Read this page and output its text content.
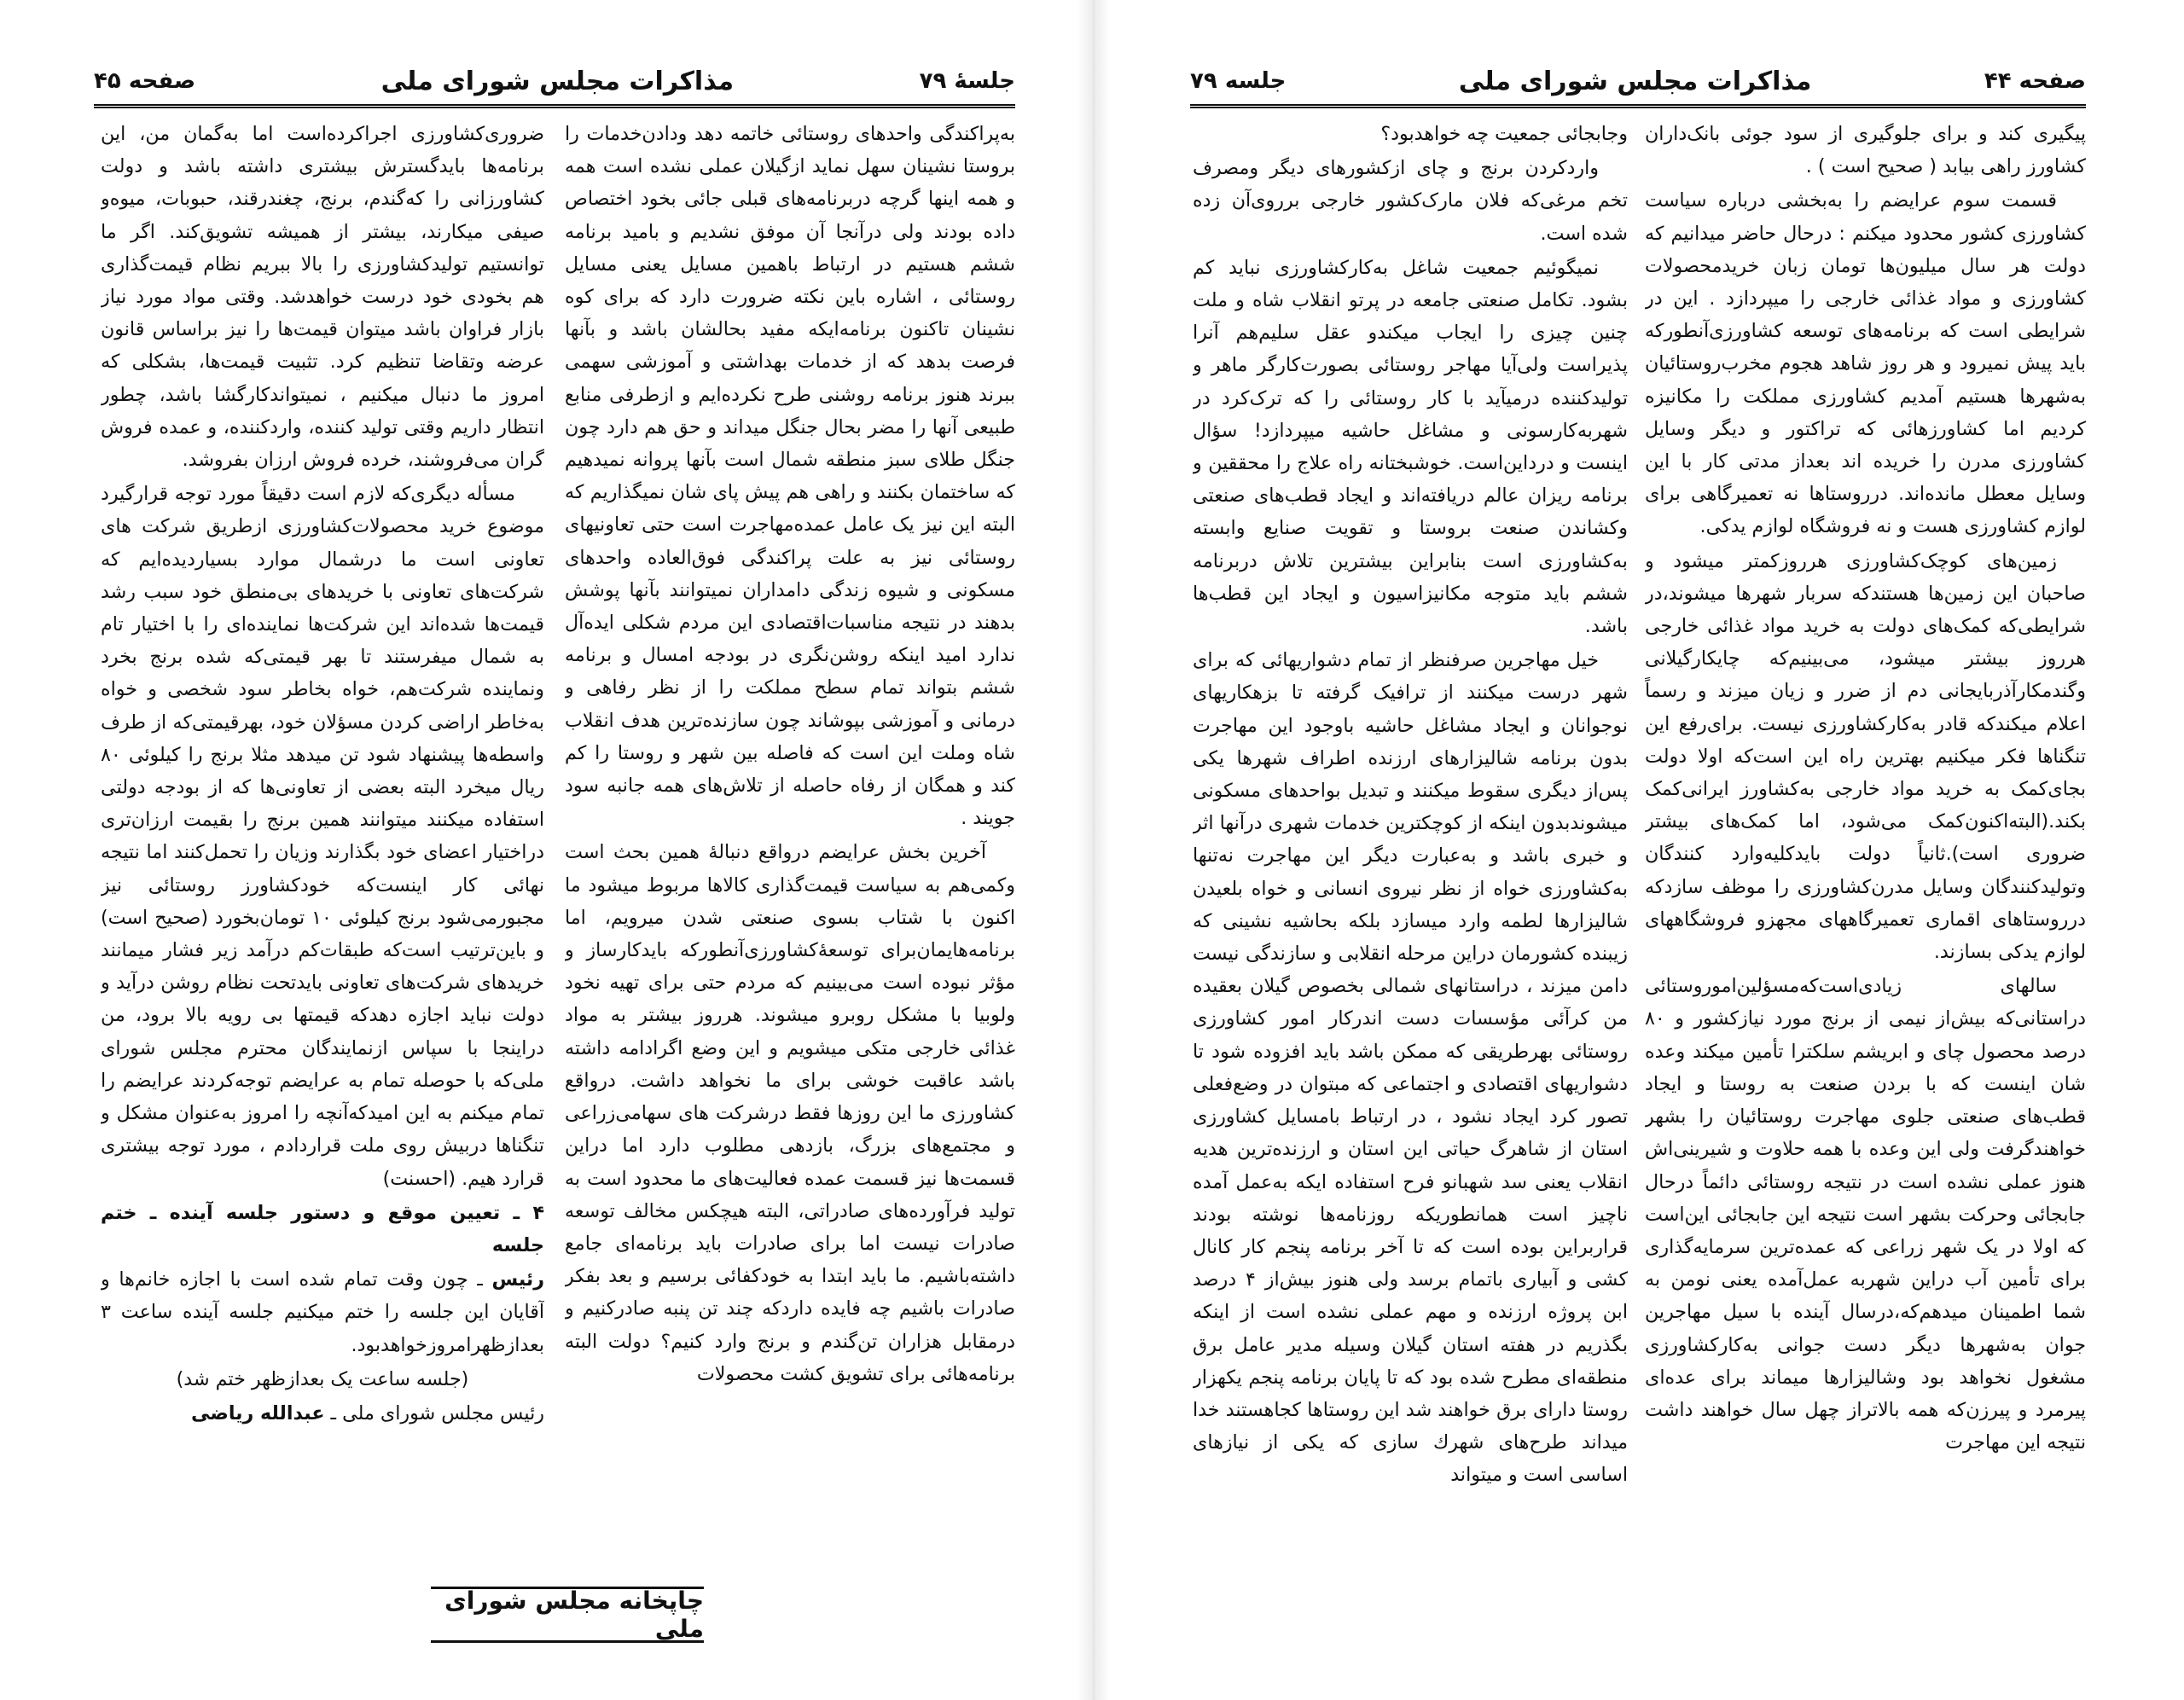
جلسهٔ ۷۹
مذاکرات مجلس شورای ملی
صفحه ۴۵

به‌پراکندگی واحدهای روستائی خاتمه دهد ودادن‌خدمات را بروستا نشینان سهل نماید ازگیلان عملی نشده است همه و همه اینها گرچه دربرنامه‌های قبلی جائی بخود اختصاص داده بودند ولی درآنجا آن موفق نشدیم و بامید برنامه ششم هستیم در ارتباط باهمین مسایل یعنی مسایل روستائی ، اشاره باین نکته ضرورت دارد که برای کوه نشینان تاکنون برنامه‌ایکه مفید بحالشان باشد و بآنها فرصت بدهد که از خدمات بهداشتی و آموزشی سهمی ببرند هنوز برنامه روشنی طرح نکرده‌ایم و ازطرفی منابع طبیعی آنها را مضر بحال جنگل میداند و حق هم دارد چون جنگل طلای سبز منطقه شمال است بآنها پروانه نمیدهیم که ساختمان بکنند و راهی هم پیش پای شان نمیگذاریم که البته این نیز یک عامل عمده‌مهاجرت است حتی تعاونیهای روستائی نیز به علت پراکندگی فوق‌العاده واحدهای مسکونی و شیوه زندگی دامداران نمیتوانند بآنها پوشش بدهند در نتیجه مناسبات‌اقتصادی این مردم شکلی ایده‌آل ندارد امید اینکه روشن‌نگری در بودجه امسال و برنامه ششم بتواند تمام سطح مملکت را از نظر رفاهی و درمانی و آموزشی بپوشاند چون سازنده‌ترین هدف انقلاب شاه وملت این است که فاصله بین شهر و روستا را کم کند و همگان از رفاه حاصله از تلاش‌های همه جانبه سود جویند .

آخرین بخش عرایضم درواقع دنبالهٔ همین بحث است وکمی‌هم به سیاست قیمت‌گذاری کالاها مربوط میشود ما اکنون با شتاب بسوی صنعتی شدن میرویم، اما برنامه‌هایمان‌برای توسعهٔ‌کشاورزی‌آنطورکه بایدکارساز و مؤثر نبوده است می‌بینیم که مردم حتی برای تهیه نخود ولوبیا با مشکل روبرو میشوند. هرروز بیشتر به مواد غذائی خارجی متکی میشویم و این وضع اگرادامه داشته باشد عاقبت خوشی برای ما نخواهد داشت. درواقع کشاورزی ما این روزها فقط درشرکت های سهامی‌زراعی و مجتمع‌های بزرگ، بازدهی مطلوب دارد اما دراین قسمت‌ها نیز قسمت عمده فعالیت‌های ما محدود است به تولید فرآورده‌های صادراتی، البته هیچکس مخالف توسعه صادرات نیست اما برای صادرات باید برنامه‌ای جامع داشته‌باشیم. ما باید ابتدا به خودکفائی برسیم و بعد بفکر صادرات باشیم چه فایده داردکه چند تن پنبه صادرکنیم و درمقابل هزاران تن‌گندم و برنج وارد کنیم؟ دولت البته برنامه‌هائی برای تشویق کشت محصولات

ضروری‌کشاورزی اجراکرده‌است اما به‌گمان من، این برنامه‌ها بایدگسترش بیشتری داشته باشد و دولت کشاورزانی را که‌گندم، برنج، چغندرقند، حبوبات، میوه‌و صیفی میکارند، بیشتر از همیشه تشویق‌کند. اگر ما توانستیم تولیدکشاورزی را بالا ببریم نظام قیمت‌گذاری هم بخودی خود درست خواهدشد. وقتی مواد مورد نیاز بازار فراوان باشد میتوان قیمت‌ها را نیز براساس قانون عرضه وتقاضا تنظیم کرد. تثبیت قیمت‌ها، بشکلی که امروز ما دنبال میکنیم ، نمیتواندکارگشا باشد، چطور انتظار داریم وقتی تولید کننده، واردکننده، و عمده فروش گران می‌فروشند، خرده فروش ارزان بفروشد.

مسأله دیگری‌که لازم است دقیقاً مورد توجه قرارگیرد موضوع خرید محصولات‌کشاورزی ازطریق شرکت های تعاونی است ما درشمال موارد بسیاردیده‌ایم که شرکت‌های تعاونی با خریدهای بی‌منطق خود سبب رشد قیمت‌ها شده‌اند این شرکت‌ها نماینده‌ای را با اختیار تام به شمال میفرستند تا بهر قیمتی‌که شده برنج بخرد ونماینده شرکت‌هم، خواه بخاطر سود شخصی و خواه به‌خاطر اراضی کردن مسؤلان خود، بهرقیمتی‌که از طرف واسطه‌ها پیشنهاد شود تن میدهد مثلا برنج را کیلوئی ۸۰ ریال میخرد البته بعضی از تعاونی‌ها که از بودجه دولتی استفاده میکنند میتوانند همین برنج را بقیمت ارزان‌تری دراختیار اعضای خود بگذارند وزیان را تحمل‌کنند اما نتیجه نهائی کار اینست‌که خودکشاورز روستائی نیز مجبورمی‌شود برنج کیلوئی ۱۰ تومان‌بخورد (صحیح است) و باین‌ترتیب است‌که طبقات‌کم درآمد زیر فشار میمانند خریدهای شرکت‌های تعاونی بایدتحت نظام روشن درآید و دولت نباید اجازه دهدکه قیمتها بی رویه بالا برود، من دراینجا با سپاس ازنمایندگان محترم مجلس شورای ملی‌که با حوصله تمام به عرایضم توجه‌کردند عرایضم را تمام میکنم به این امیدکه‌آنچه را امروز به‌عنوان مشکل و تنگناها دربیش روی ملت قراردادم ، مورد توجه بیشتری قرارد هیم. (احسنت)

۴ ـ تعیین موقع و دستور جلسه آینده ـ ختم جلسه

رئیس ـ چون وقت تمام شده است با اجازه خانم‌ها و آقایان این جلسه را ختم میکنیم جلسه آینده ساعت ۳ بعدازظهرامروزخواهدبود.

(جلسه ساعت یک بعدازظهر ختم شد)

رئیس مجلس شورای ملی ـ عبدالله ریاضی

چاپخانه مجلس شورای ملی
صفحه ۴۴
مذاکرات مجلس شورای ملی
جلسه ۷۹

پیگیری کند و برای جلوگیری از سود جوئی بانک‌داران کشاورز راهی بیابد ( صحیح است ) .

قسمت سوم عرایضم را به‌بخشی درباره سیاست کشاورزی کشور محدود میکنم : درحال حاضر میدانیم که دولت هر سال میلیون‌ها تومان زبان خریدمحصولات کشاورزی و مواد غذائی خارجی را میپردازد . این در شرایطی است که برنامه‌های توسعه کشاورزی‌آنطورکه باید پیش نمیرود و هر روز شاهد هجوم مخرب‌روستائیان به‌شهرها هستیم آمدیم کشاورزی مملکت را مکانیزه کردیم اما کشاورزهائی که تراکتور و دیگر وسایل کشاورزی مدرن را خریده اند بعداز مدتی کار با این وسایل معطل مانده‌اند. درروستاها نه تعمیرگاهی برای لوازم کشاورزی هست و نه فروشگاه لوازم یدکی.

زمین‌های کوچک‌کشاورزی هرروزکمتر میشود و صاحبان این زمین‌ها هستندکه سربار شهرها میشوند،در شرایطی‌که کمک‌های دولت به خرید مواد غذائی خارجی هرروز بیشتر میشود، می‌بینیم‌که چایکارگیلانی وگندمکارآذربایجانی دم از ضرر و زیان میزند و رسماً اعلام میکندکه قادر به‌کارکشاورزی نیست. برای‌رفع این تنگناها فکر میکنیم بهترین راه این است‌که اولا دولت بجای‌کمک به خرید مواد خارجی به‌کشاورز ایرانی‌کمک بکند.(البته‌اکنون‌کمک می‌شود، اما کمک‌های بیشتر ضروری است).ثانیاً دولت بایدکلیه‌وارد کنندگان وتولیدکنندگان وسایل مدرن‌کشاورزی را موظف سازدکه درروستاهای اقماری تعمیرگاههای مجهزو فروشگاههای لوازم یدکی بسازند.

سالهای زیادی‌است‌که‌مسؤلین‌اموروستائی دراستانی‌که بیش‌از نیمی از برنج مورد نیازکشور و ۸۰ درصد محصول چای و ابریشم سلکترا تأمین میکند وعده شان اینست که با بردن صنعت به روستا و ایجاد قطب‌های صنعتی جلوی مهاجرت روستائیان را بشهر خواهندگرفت ولی این وعده با همه حلاوت و شیرینی‌اش هنوز عملی نشده است در نتیجه روستائی دائماً درحال جابجائی وحرکت بشهر است نتیجه این جابجائی این‌است که اولا در یک شهر زراعی که عمده‌ترین سرمایه‌گذاری برای تأمین آب دراین شهربه عمل‌آمده یعنی نومن به شما اطمینان میدهم‌که،درسال آینده با سیل مهاجرین جوان به‌شهرها دیگر دست جوانی به‌کارکشاورزی مشغول نخواهد بود وشالیزارها میماند برای عده‌ای پیرمرد و پیرزن‌که همه بالاتراز چهل سال خواهند داشت نتیجه این مهاجرت

وجابجائی جمعیت چه خواهدبود؟

واردکردن برنج و چای ازکشورهای دیگر ومصرف تخم مرغی‌که فلان مارک‌کشور خارجی برروی‌آن زده شده است.

نمیگوئیم جمعیت شاغل به‌کارکشاورزی نباید کم بشود. تکامل صنعتی جامعه در پرتو انقلاب شاه و ملت چنین چیزی را ایجاب میکندو عقل سلیم‌هم آنرا پذیراست ولی‌آیا مهاجر روستائی بصورت‌کارگر ماهر و تولیدکننده درمیآید با کار روستائی را که ترک‌کرد در شهربه‌کارسونی و مشاغل حاشیه میپردازد! سؤال اینست و دردا‌ین‌است. خوشبختانه راه علاج را محققین و برنامه ریزان عالم دریافته‌اند و ایجاد قطب‌های صنعتی وکشاندن صنعت بروستا و تقویت صنایع وابسته به‌کشاورزی است بنابراین بیشترین تلاش دربرنامه ششم باید متوجه مکانیزاسیون و ایجاد این قطب‌ها باشد.

خیل مهاجرین صرفنظر از تمام دشواریهائی که برای شهر درست میکنند از ترافیک گرفته تا بزهکاریهای نوجوانان و ایجاد مشاغل حاشیه باوجود این مهاجرت بدون برنامه شالیزارهای ارزنده اطراف شهرها یکی پس‌از دیگری سقوط میکنند و تبدیل بواحدهای مسکونی میشوندبدون اینکه از کوچکترین خدمات شهری درآنها اثر و خبری باشد و به‌عبارت دیگر این مهاجرت نه‌تنها به‌کشاورزی خواه از نظر نیروی انسانی و خواه بلعیدن شالیزارها لطمه وارد میسازد بلکه بحاشیه نشینی که زیبنده کشورمان دراین مرحله انقلابی و سازندگی نیست دامن میزند ، دراستانهای شمالی بخصوص گیلان بعقیده من کرآئی مؤسسات دست اندرکار امور کشاورزی روستائی بهرطریقی که ممکن باشد باید افزوده شود تا دشواریهای اقتصادی و اجتماعی که مبتوان در وضع‌فعلی تصور کرد ایجاد نشود ، در ارتباط بامسایل کشاورزی استان از شاهرگ حیاتی این استان و ارزنده‌ترین هدیه انقلاب یعنی سد شهبانو فرح استفاده ایکه به‌عمل آمده ناچیز است همانطوریکه روزنامه‌ها نوشته بودند قراربراین بوده است که تا آخر برنامه پنجم کار کانال کشی و آبیاری باتمام برسد ولی هنوز بیش‌از ۴ درصد ابن پروژه ارزنده و مهم عملی نشده است از اینکه بگذریم در هفته استان گیلان وسیله مدیر عامل برق منطقه‌ای مطرح شده بود که تا پایان برنامه پنجم یکهزار روستا دارای برق خواهند شد این روستاها کجاهستند خدا میداند طرح‌های شهرك سازی که یکی از نیازهای اساسی است و میتواند
